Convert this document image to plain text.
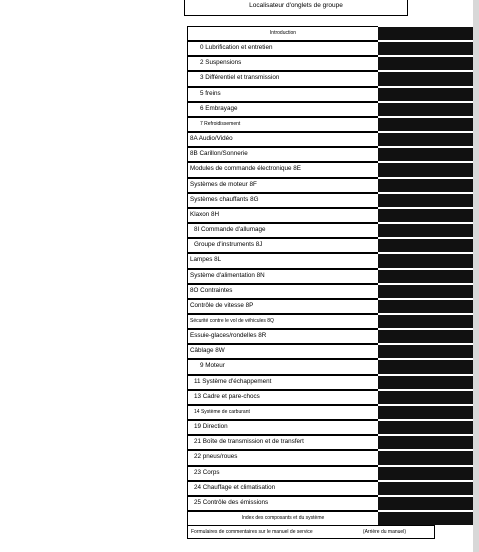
Localisateur d'onglets de groupe
Introduction
0 Lubrification et entretien
2 Suspensions
3 Différentiel et transmission
5 freins
6 Embrayage
7 Refroidissement
8A Audio/Vidéo
8B Carillon/Sonnerie
Modules de commande électronique 8E
Systèmes de moteur 8F
Systèmes chauffants 8G
Klaxon 8H
8I Commande d'allumage
Groupe d'instruments 8J
Lampes 8L
Système d'alimentation 8N
8O Contraintes
Contrôle de vitesse 8P
Sécurité contre le vol de véhicules 8Q
Essuie-glaces/rondelles 8R
Câblage 8W
9 Moteur
11 Système d'échappement
13 Cadre et pare-chocs
14 Système de carburant
19 Direction
21 Boîte de transmission et de transfert
22 pneus/roues
23 Corps
24 Chauffage et climatisation
25 Contrôle des émissions
Index des composants et du système
Formulaires de commentaires sur le manuel de service	(Arrière du manuel)
